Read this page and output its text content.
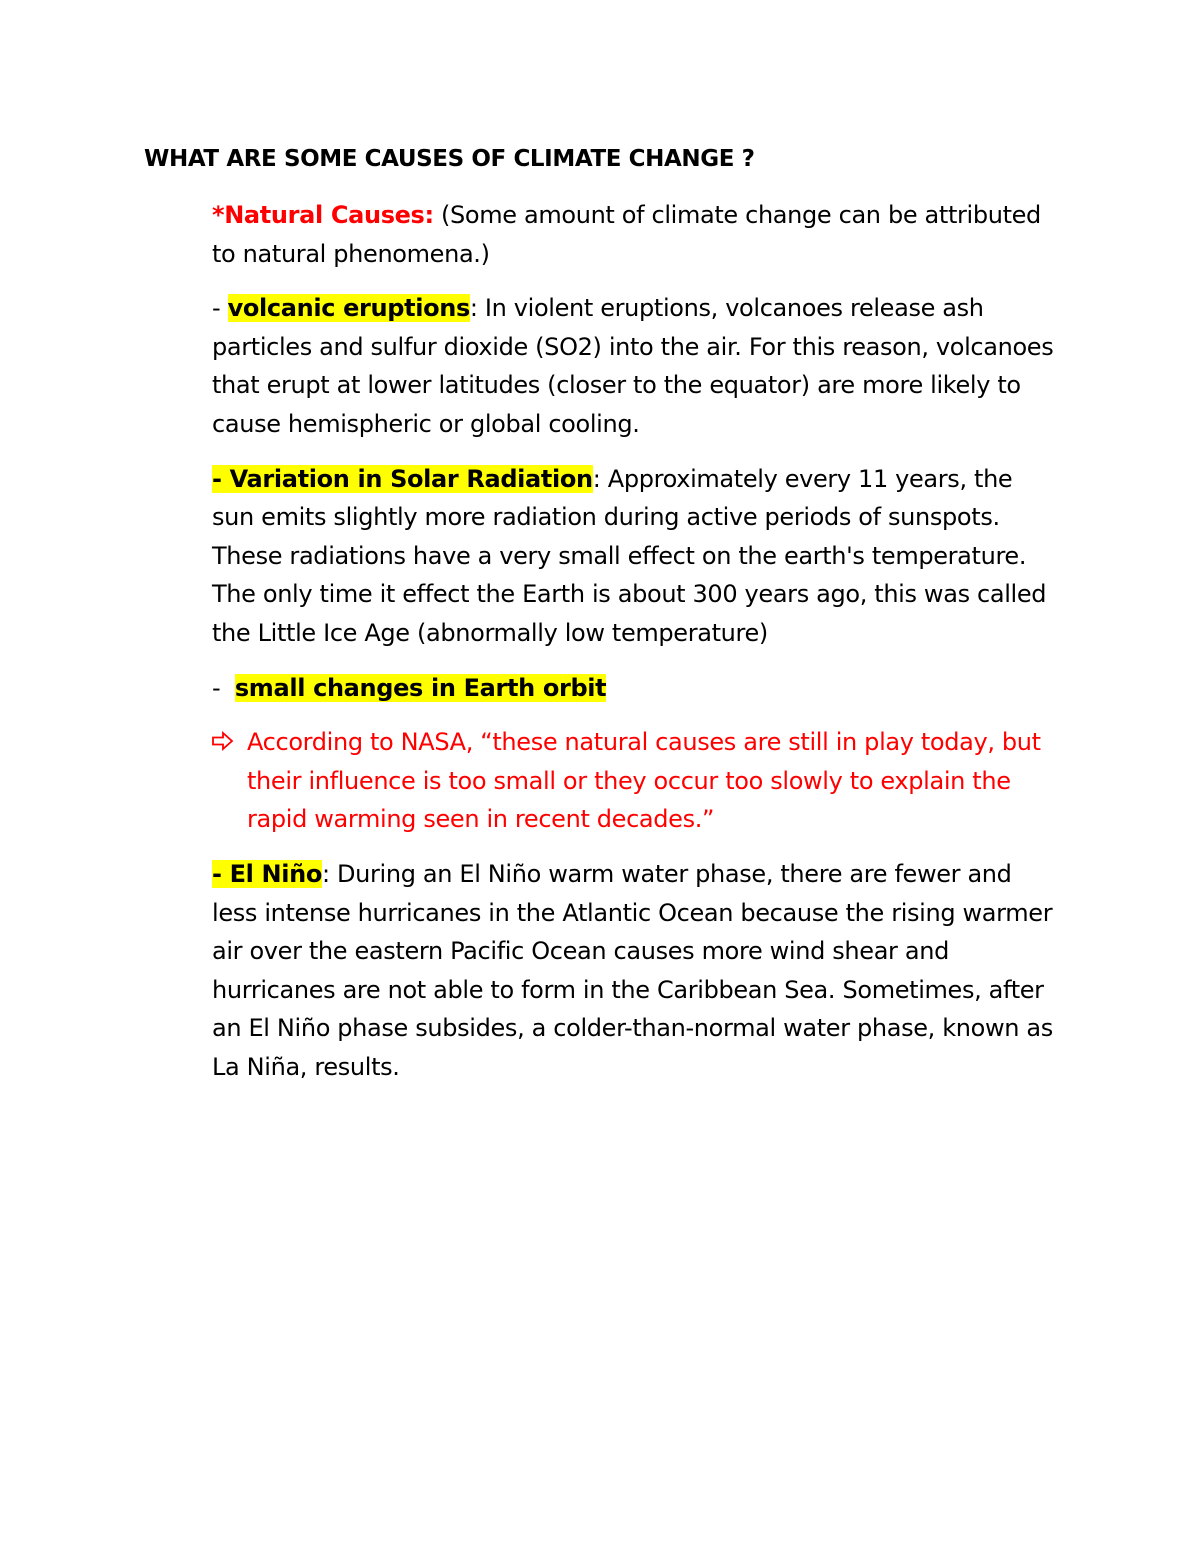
WHAT ARE SOME CAUSES OF CLIMATE CHANGE ?

*Natural Causes: (Some amount of climate change can be attributed to natural phenomena.)

- volcanic eruptions: In violent eruptions, volcanoes release ash particles and sulfur dioxide (SO2) into the air. For this reason, volcanoes that erupt at lower latitudes (closer to the equator) are more likely to cause hemispheric or global cooling.

- Variation in Solar Radiation: Approximately every 11 years, the sun emits slightly more radiation during active periods of sunspots. These radiations have a very small effect on the earth's temperature. The only time it effect the Earth is about 300 years ago, this was called the Little Ice Age (abnormally low temperature)

-  small changes in Earth orbit

According to NASA, “these natural causes are still in play today, but their influence is too small or they occur too slowly to explain the rapid warming seen in recent decades.”

- El Niño: During an El Niño warm water phase, there are fewer and less intense hurricanes in the Atlantic Ocean because the rising warmer air over the eastern Pacific Ocean causes more wind shear and hurricanes are not able to form in the Caribbean Sea. Sometimes, after an El Niño phase subsides, a colder-than-normal water phase, known as La Niña, results.
